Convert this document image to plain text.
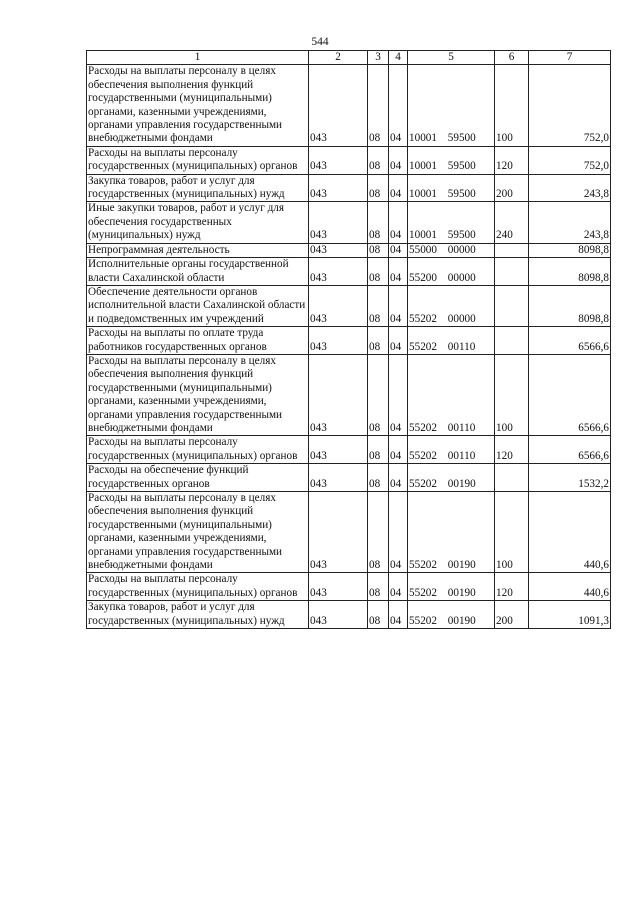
544
1	2	3	4	5	6	7
Расходы на выплаты персоналу в целях обеспечения выполнения функций государственными (муниципальными) органами, казенными учреждениями, органами управления государственными внебюджетными фондами	043	08	04	10001 59500	100	752,0
Расходы на выплаты персоналу государственных (муниципальных) органов	043	08	04	10001 59500	120	752,0
Закупка товаров, работ и услуг для государственных (муниципальных) нужд	043	08	04	10001 59500	200	243,8
Иные закупки товаров, работ и услуг для обеспечения государственных (муниципальных) нужд	043	08	04	10001 59500	240	243,8
Непрограммная деятельность	043	08	04	55000 00000		8098,8
Исполнительные органы государственной власти Сахалинской области	043	08	04	55200 00000		8098,8
Обеспечение деятельности органов исполнительной власти Сахалинской области и подведомственных им учреждений	043	08	04	55202 00000		8098,8
Расходы на выплаты по оплате труда работников государственных органов	043	08	04	55202 00110		6566,6
Расходы на выплаты персоналу в целях обеспечения выполнения функций государственными (муниципальными) органами, казенными учреждениями, органами управления государственными внебюджетными фондами	043	08	04	55202 00110	100	6566,6
Расходы на выплаты персоналу государственных (муниципальных) органов	043	08	04	55202 00110	120	6566,6
Расходы на обеспечение функций государственных органов	043	08	04	55202 00190		1532,2
Расходы на выплаты персоналу в целях обеспечения выполнения функций государственными (муниципальными) органами, казенными учреждениями, органами управления государственными внебюджетными фондами	043	08	04	55202 00190	100	440,6
Расходы на выплаты персоналу государственных (муниципальных) органов	043	08	04	55202 00190	120	440,6
Закупка товаров, работ и услуг для государственных (муниципальных) нужд	043	08	04	55202 00190	200	1091,3
